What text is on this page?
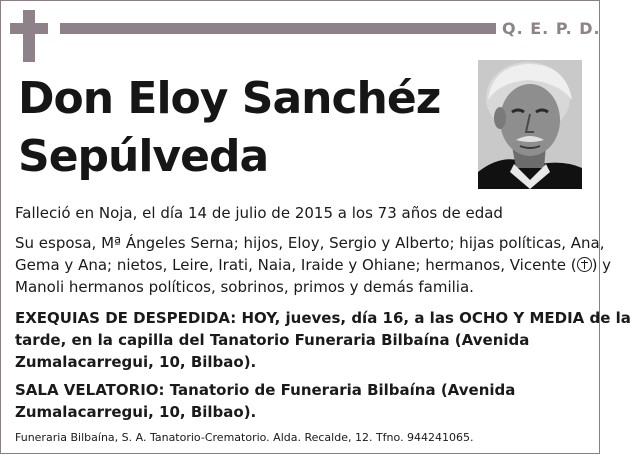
Q. E. P. D.
Don Eloy Sanchéz
Sepúlveda
Falleció en Noja, el día 14 de julio de 2015 a los 73 años de edad
Su esposa, Mª Ángeles Serna; hijos, Eloy, Sergio y Alberto; hijas políticas, Ana,
Gema y Ana; nietos, Leire, Irati, Naia, Iraide y Ohiane; hermanos, Vicente ( ) y
Manoli hermanos políticos, sobrinos, primos y demás familia.
EXEQUIAS DE DESPEDIDA: HOY, jueves, día 16, a las OCHO Y MEDIA de la
tarde, en la capilla del Tanatorio Funeraria Bilbaína (Avenida
Zumalacarregui, 10, Bilbao).
SALA VELATORIO: Tanatorio de Funeraria Bilbaína (Avenida
Zumalacarregui, 10, Bilbao).
Funeraria Bilbaína, S. A. Tanatorio-Crematorio. Alda. Recalde, 12. Tfno. 944241065.
